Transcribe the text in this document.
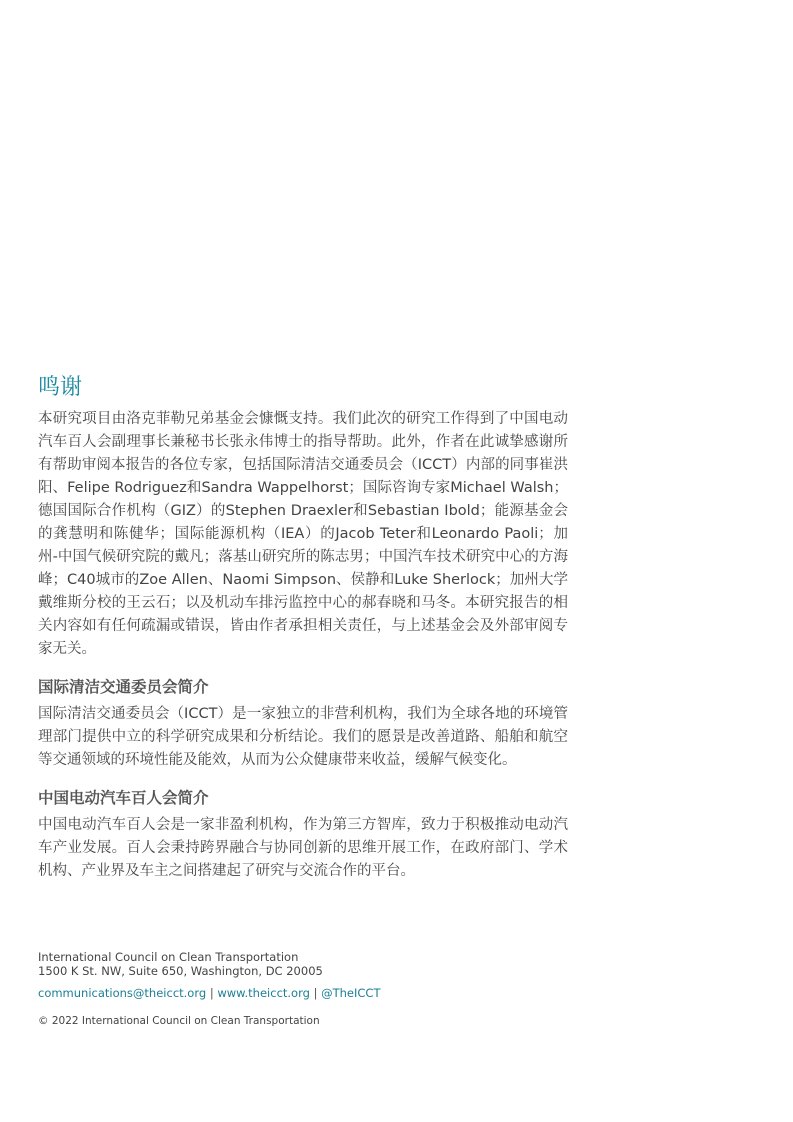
鸣谢

本研究项目由洛克菲勒兄弟基金会慷慨支持。我们此次的研究工作得到了中国电动汽车百人会副理事长兼秘书长张永伟博士的指导帮助。此外，作者在此诚挚感谢所有帮助审阅本报告的各位专家，包括国际清洁交通委员会（ICCT）内部的同事崔洪阳、Felipe Rodriguez和Sandra Wappelhorst；国际咨询专家Michael Walsh；德国国际合作机构（GIZ）的Stephen Draexler和Sebastian Ibold；能源基金会的龚慧明和陈健华；国际能源机构（IEA）的Jacob Teter和Leonardo Paoli；加州-中国气候研究院的戴凡；落基山研究所的陈志男；中国汽车技术研究中心的方海峰；C40城市的Zoe Allen、Naomi Simpson、侯静和Luke Sherlock；加州大学戴维斯分校的王云石；以及机动车排污监控中心的郝春晓和马冬。本研究报告的相关内容如有任何疏漏或错误，皆由作者承担相关责任，与上述基金会及外部审阅专家无关。

国际清洁交通委员会简介

国际清洁交通委员会（ICCT）是一家独立的非营利机构，我们为全球各地的环境管理部门提供中立的科学研究成果和分析结论。我们的愿景是改善道路、船舶和航空等交通领域的环境性能及能效，从而为公众健康带来收益，缓解气候变化。

中国电动汽车百人会简介

中国电动汽车百人会是一家非盈利机构，作为第三方智库，致力于积极推动电动汽车产业发展。百人会秉持跨界融合与协同创新的思维开展工作，在政府部门、学术机构、产业界及车主之间搭建起了研究与交流合作的平台。

International Council on Clean Transportation

1500 K St. NW, Suite 650, Washington, DC 20005

communications@theicct.org | www.theicct.org | @TheICCT

© 2022 International Council on Clean Transportation
